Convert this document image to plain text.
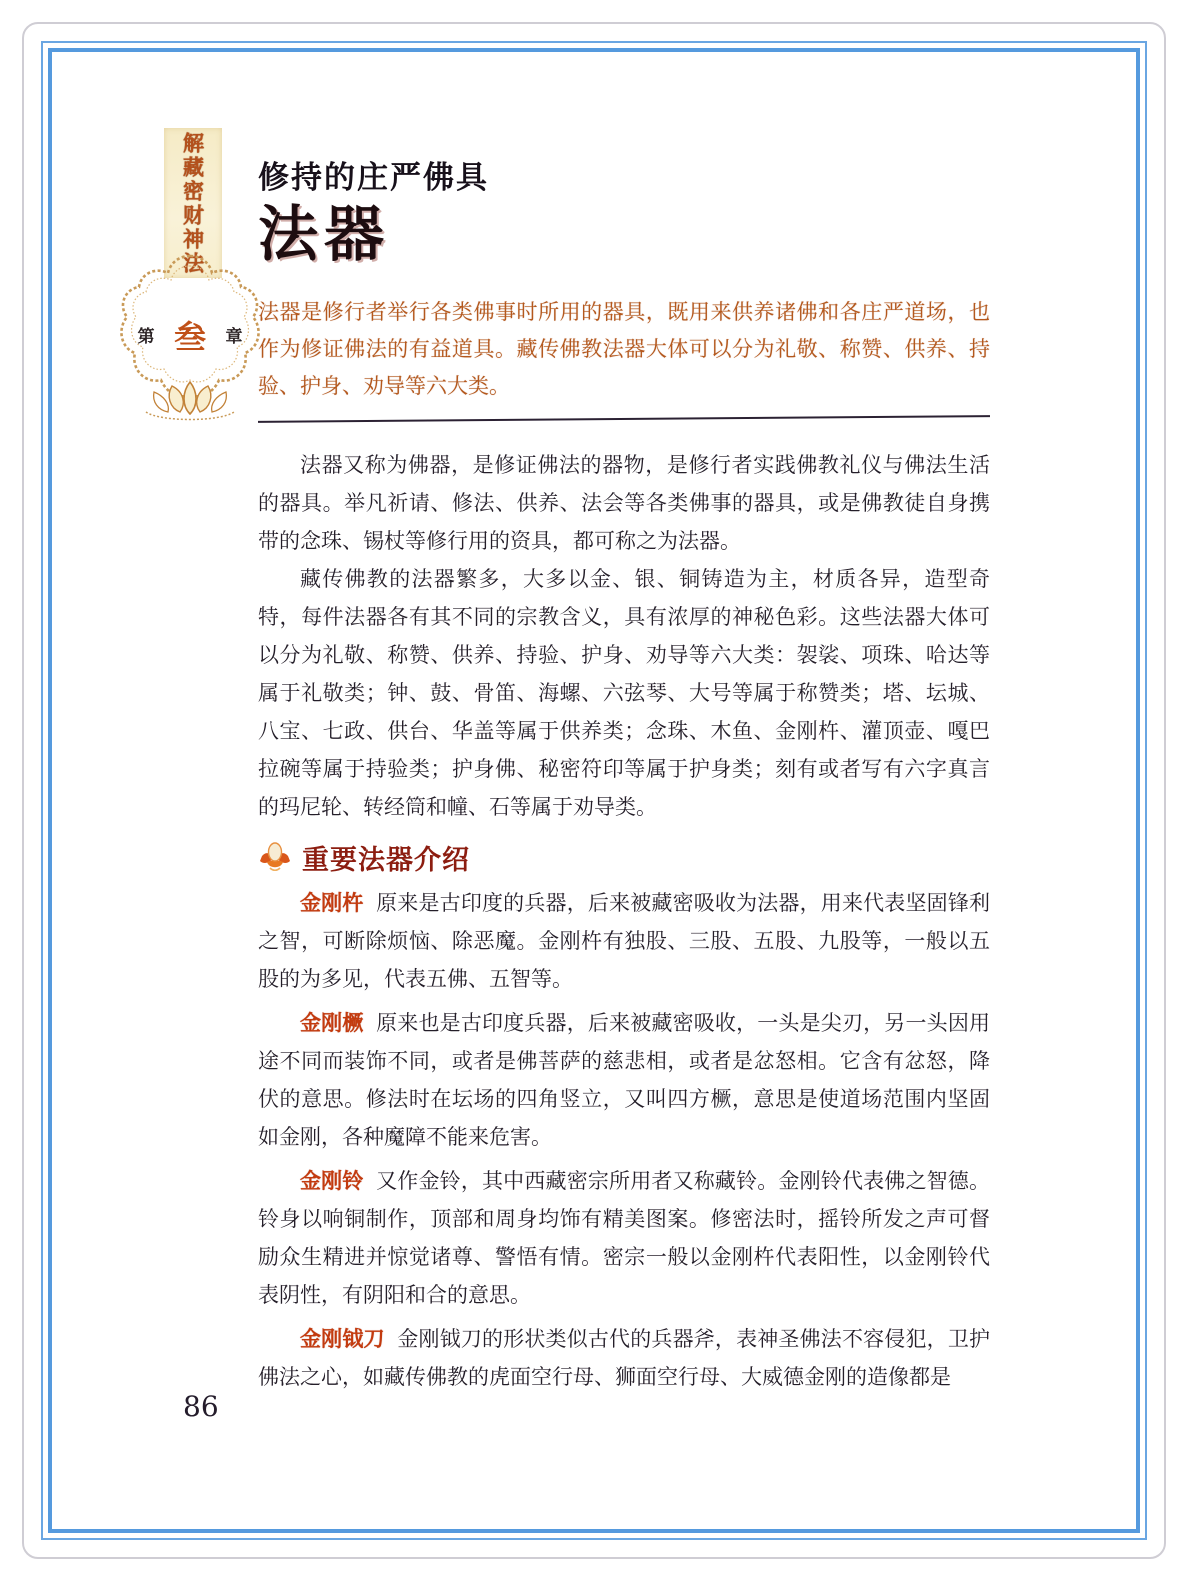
解藏密财神法
第 叁 章
修持的庄严佛具
法器

法器是修行者举行各类佛事时所用的器具，既用来供养诸佛和各庄严道场，也作为修证佛法的有益道具。藏传佛教法器大体可以分为礼敬、称赞、供养、持验、护身、劝导等六大类。

法器又称为佛器，是修证佛法的器物，是修行者实践佛教礼仪与佛法生活的器具。举凡祈请、修法、供养、法会等各类佛事的器具，或是佛教徒自身携带的念珠、锡杖等修行用的资具，都可称之为法器。

藏传佛教的法器繁多，大多以金、银、铜铸造为主，材质各异，造型奇特，每件法器各有其不同的宗教含义，具有浓厚的神秘色彩。这些法器大体可以分为礼敬、称赞、供养、持验、护身、劝导等六大类：袈裟、项珠、哈达等属于礼敬类；钟、鼓、骨笛、海螺、六弦琴、大号等属于称赞类；塔、坛城、八宝、七政、供台、华盖等属于供养类；念珠、木鱼、金刚杵、灌顶壶、嘎巴拉碗等属于持验类；护身佛、秘密符印等属于护身类；刻有或者写有六字真言的玛尼轮、转经筒和幢、石等属于劝导类。

重要法器介绍

金刚杵 原来是古印度的兵器，后来被藏密吸收为法器，用来代表坚固锋利之智，可断除烦恼、除恶魔。金刚杵有独股、三股、五股、九股等，一般以五股的为多见，代表五佛、五智等。

金刚橛 原来也是古印度兵器，后来被藏密吸收，一头是尖刃，另一头因用途不同而装饰不同，或者是佛菩萨的慈悲相，或者是忿怒相。它含有忿怒，降伏的意思。修法时在坛场的四角竖立，又叫四方橛，意思是使道场范围内坚固如金刚，各种魔障不能来危害。

金刚铃 又作金铃，其中西藏密宗所用者又称藏铃。金刚铃代表佛之智德。铃身以响铜制作，顶部和周身均饰有精美图案。修密法时，摇铃所发之声可督励众生精进并惊觉诸尊、警悟有情。密宗一般以金刚杵代表阳性，以金刚铃代表阴性，有阴阳和合的意思。

金刚钺刀 金刚钺刀的形状类似古代的兵器斧，表神圣佛法不容侵犯，卫护佛法之心，如藏传佛教的虎面空行母、狮面空行母、大威德金刚的造像都是

86
